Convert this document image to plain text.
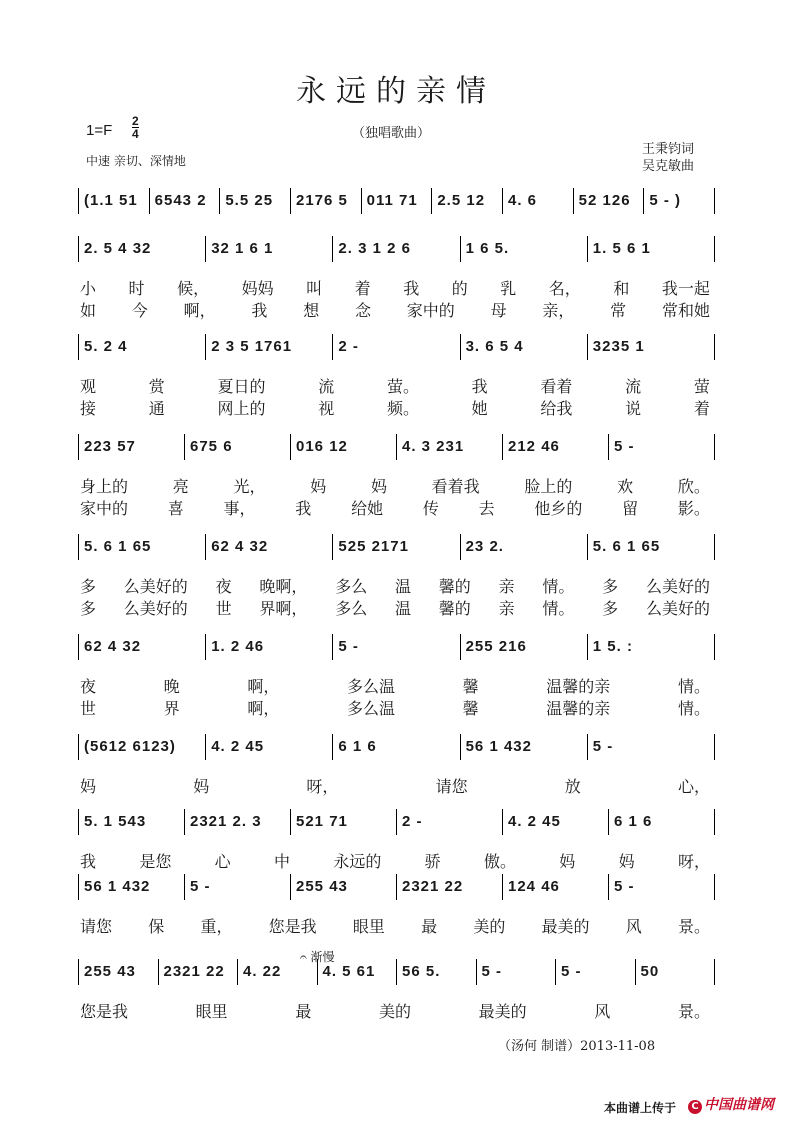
永远的亲情
1=F
2
4	（独唱歌曲）
王秉钧词
吴克敏曲
中速 亲切、深情地
(1.1 51	6543 2	5.5 25	2176 5	011 71	2.5 12	4. 6	52 126	5 - )
2. 5 4 32	32 1 6 1	2. 3 1 2 6	1 6 5.	1. 5 6 1
小 时 候， 妈妈 叫 着 我 的 乳 名， 和 我一起
如 今 啊， 我 想 念 家中的 母 亲， 常 常和她
5. 2 4	2 3 5 1761	2 -	3. 6 5 4	3235 1
观	赏	夏日的	流	萤。	我	看着	流	萤
接	通	网上的	视	频。	她	给我	说	着
223 57	675 6	016 12	4. 3 231	212 46	5 -
身上的	亮	光，	妈	妈	看着我	脸上的	欢	欣。
家中的 喜 事， 我 给她 传 去 他乡的 留 影。
5. 6 1 65	62 4 32	525 2171	23 2.	5. 6 1 65
多 么美好的 夜 晚啊， 多么 温 馨的 亲 情。 多 么美好的
多 么美好的 世 界啊， 多么 温 馨的 亲 情。 多 么美好的
62 4 32	1. 2 46	5 -	255 216	1 5. :
夜	晚	啊，	多么温	馨	温馨的亲	情。
世	界	啊，	多么温	馨	温馨的亲	情。
(5612 6123)	4. 2 45	6 1 6	56 1 432	5 -
妈	妈	呀，	请您	放	心，
5. 1 543	2321 2. 3	521 71	2 -	4. 2 45	6 1 6
我	是您	心	中	永远的	骄	傲。	妈	妈	呀，
56 1 432	5 -	255 43	2321 22	124 46	5 -
请您 保 重， 您是我 眼里 最 美的 最美的 风 景。
255 43	2321 22	4. 22	4. 5 61	56 5.	5 -	5 -	50
您是我	眼里	最	美的	最美的	风	景。
𝄐 渐慢
（汤何 制谱）2013-11-08
本曲谱上传于	C 中国曲谱网
